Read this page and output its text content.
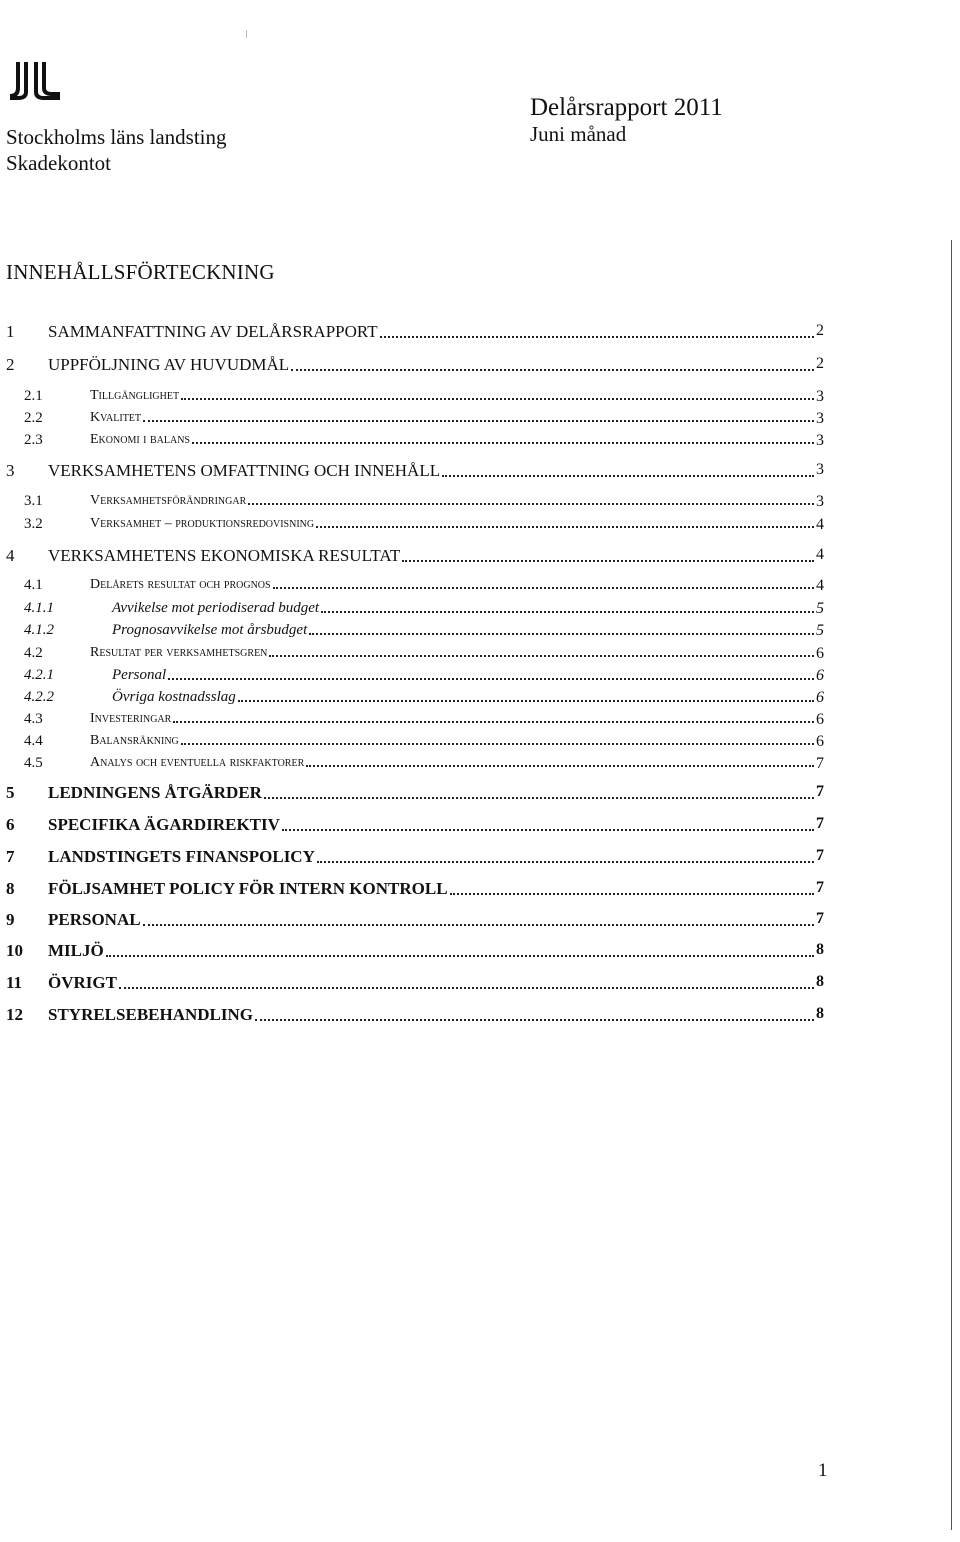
Stockholms läns landsting
Skadekontot
Delårsrapport 2011
Juni månad
INNEHÅLLSFÖRTECKNING
1 SAMMANFATTNING AV DELÅRSRAPPORT	2
2 UPPFÖLJNING AV HUVUDMÅL	2
2.1	Tillgänglighet	3
2.2	Kvalitet	3
2.3	Ekonomi i balans	3
3 VERKSAMHETENS OMFATTNING OCH INNEHÅLL	3
3.1	Verksamhetsförändringar	3
3.2	Verksamhet – produktionsredovisning	4
4 VERKSAMHETENS EKONOMISKA RESULTAT	4
4.1	Delårets resultat och prognos	4
4.1.1	Avvikelse mot periodiserad budget	5
4.1.2	Prognosavvikelse mot årsbudget	5
4.2	Resultat per verksamhetsgren	6
4.2.1	Personal	6
4.2.2	Övriga kostnadsslag	6
4.3	Investeringar	6
4.4	Balansräkning	6
4.5	Analys och eventuella riskfaktorer	7
5 LEDNINGENS ÅTGÄRDER	7
6 SPECIFIKA ÄGARDIREKTIV	7
7 LANDSTINGETS FINANSPOLICY	7
8 FÖLJSAMHET POLICY FÖR INTERN KONTROLL	7
9 PERSONAL	7
10 MILJÖ	8
11 ÖVRIGT	8
12 STYRELSEBEHANDLING	8
1
